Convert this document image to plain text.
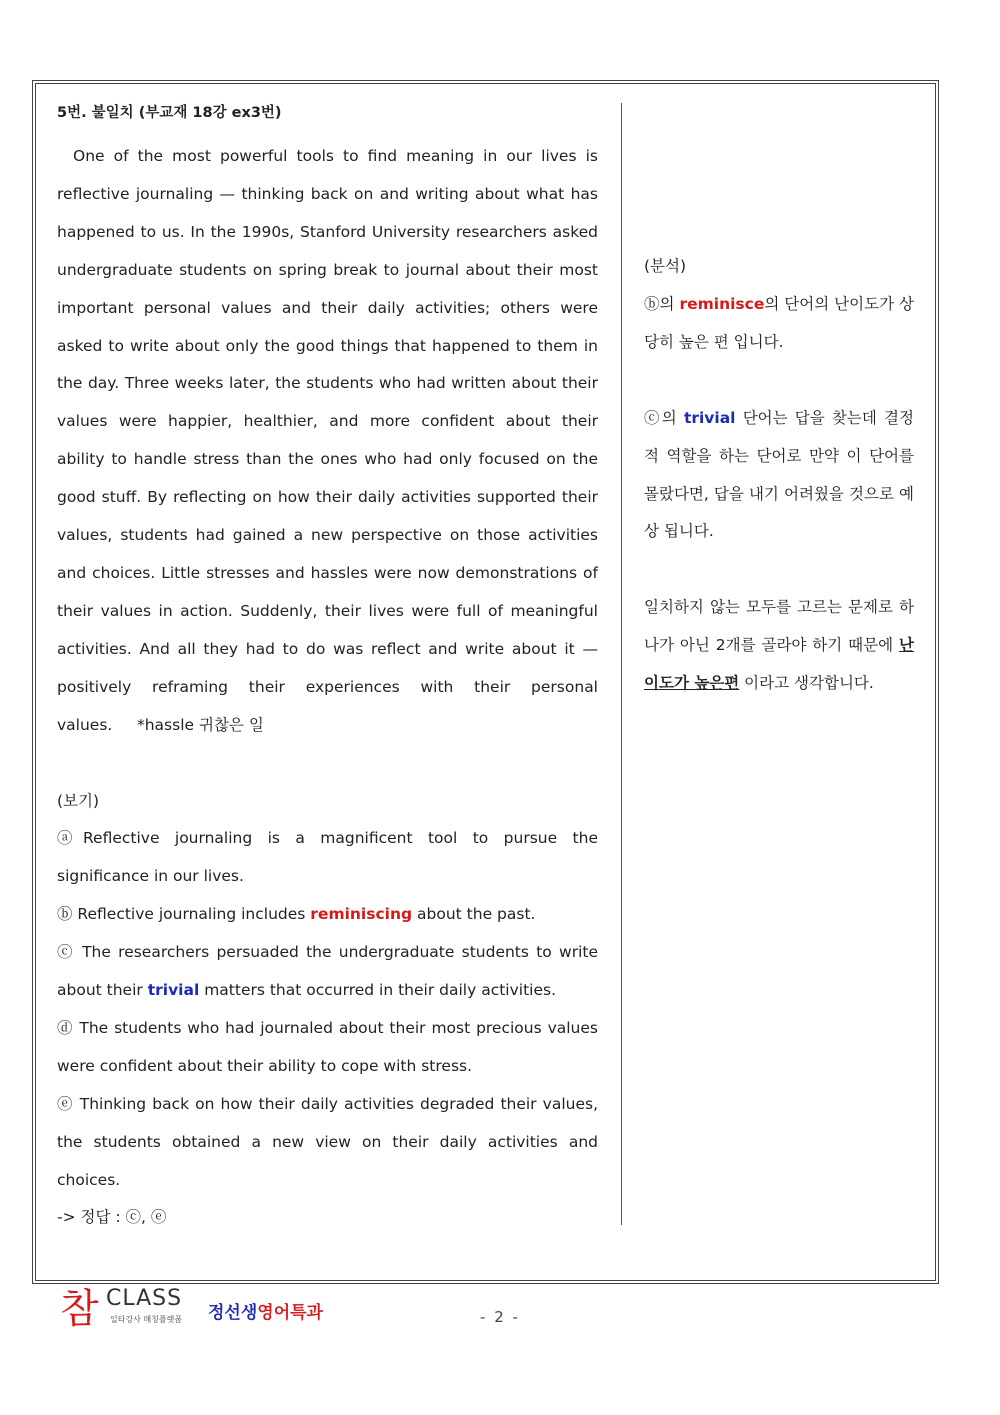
5번. 불일치 (부교재 18강 ex3번)

One of the most powerful tools to find meaning in our lives is reflective journaling — thinking back on and writing about what has happened to us. In the 1990s, Stanford University researchers asked undergraduate students on spring break to journal about their most important personal values and their daily activities; others were asked to write about only the good things that happened to them in the day. Three weeks later, the students who had written about their values were happier, healthier, and more confident about their ability to handle stress than the ones who had only focused on the good stuff. By reflecting on how their daily activities supported their values, students had gained a new perspective on those activities and choices. Little stresses and hassles were now demonstrations of their values in action. Suddenly, their lives were full of meaningful activities. And all they had to do was reflect and write about it — positively reframing their experiences with their personal values. *hassle 귀찮은 일

(보기)

ⓐReflective journaling is a magnificent tool to pursue the significance in our lives.

ⓑ Reflective journaling includes reminiscing about the past.

ⓒ The researchers persuaded the undergraduate students to write about their trivial matters that occurred in their daily activities.

ⓓ The students who had journaled about their most precious values were confident about their ability to cope with stress.

ⓔ Thinking back on how their daily activities degraded their values, the students obtained a new view on their daily activities and choices.

-> 정답 : ⓒ, ⓔ

(분석)

ⓑ의 reminisce의 단어의 난이도가 상당히 높은 편 입니다.

ⓒ의 trivial 단어는 답을 찾는데 결정적 역할을 하는 단어로 만약 이 단어를 몰랐다면, 답을 내기 어려웠을 것으로 예상 됩니다.

일치하지 않는 모두를 고르는 문제로 하나가 아닌 2개를 골라야 하기 때문에 난이도가 높은편 이라고 생각합니다.

참 CLASS
일타강사 매칭플랫폼 정선생영어특과	- 2 -
